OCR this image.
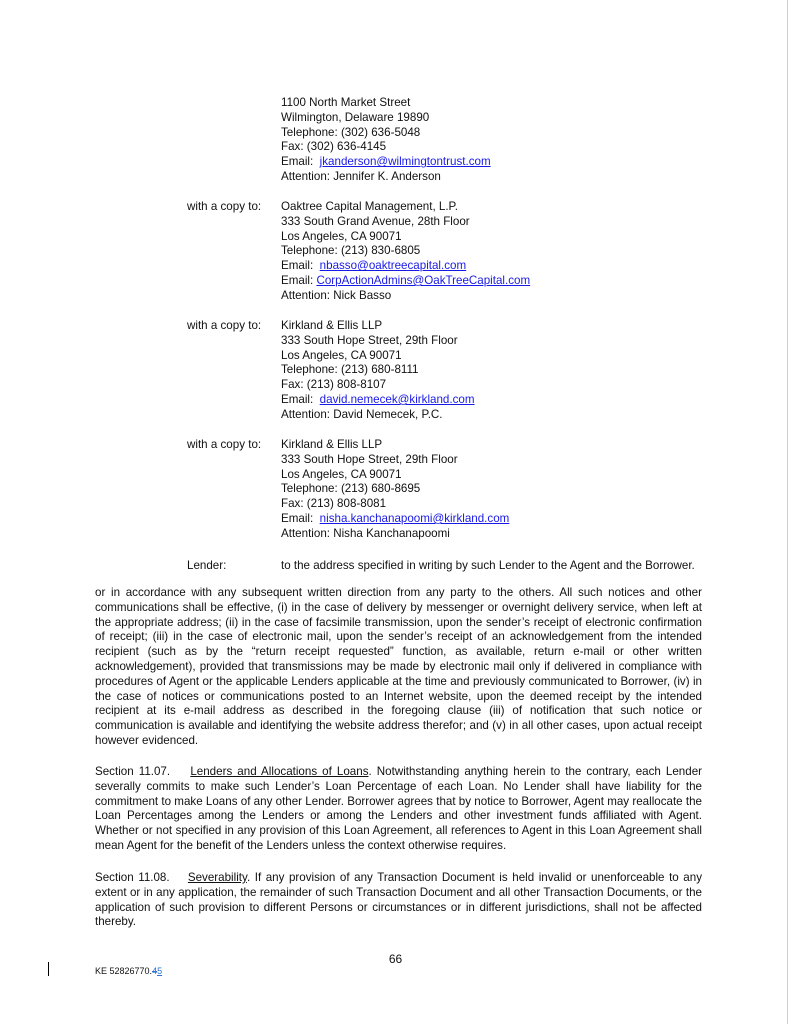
1100 North Market Street
Wilmington, Delaware 19890
Telephone: (302) 636-5048
Fax: (302) 636-4145
Email: jkanderson@wilmingtontrust.com
Attention: Jennifer K. Anderson
with a copy to: Oaktree Capital Management, L.P.
333 South Grand Avenue, 28th Floor
Los Angeles, CA 90071
Telephone: (213) 830-6805
Email: nbasso@oaktreecapital.com
Email: CorpActionAdmins@OakTreeCapital.com
Attention: Nick Basso
with a copy to: Kirkland & Ellis LLP
333 South Hope Street, 29th Floor
Los Angeles, CA 90071
Telephone: (213) 680-8111
Fax: (213) 808-8107
Email: david.nemecek@kirkland.com
Attention: David Nemecek, P.C.
with a copy to: Kirkland & Ellis LLP
333 South Hope Street, 29th Floor
Los Angeles, CA 90071
Telephone: (213) 680-8695
Fax: (213) 808-8081
Email: nisha.kanchanapoomi@kirkland.com
Attention: Nisha Kanchanapoomi
Lender:	to the address specified in writing by such Lender to the Agent and the Borrower.

or in accordance with any subsequent written direction from any party to the others. All such notices and other communications shall be effective, (i) in the case of delivery by messenger or overnight delivery service, when left at the appropriate address; (ii) in the case of facsimile transmission, upon the sender’s receipt of electronic confirmation of receipt; (iii) in the case of electronic mail, upon the sender’s receipt of an acknowledgement from the intended recipient (such as by the “return receipt requested” function, as available, return e-mail or other written acknowledgement), provided that transmissions may be made by electronic mail only if delivered in compliance with procedures of Agent or the applicable Lenders applicable at the time and previously communicated to Borrower, (iv) in the case of notices or communications posted to an Internet website, upon the deemed receipt by the intended recipient at its e-mail address as described in the foregoing clause (iii) of notification that such notice or communication is available and identifying the website address therefor; and (v) in all other cases, upon actual receipt however evidenced.

Section 11.07. Lenders and Allocations of Loans. Notwithstanding anything herein to the contrary, each Lender severally commits to make such Lender’s Loan Percentage of each Loan. No Lender shall have liability for the commitment to make Loans of any other Lender. Borrower agrees that by notice to Borrower, Agent may reallocate the Loan Percentages among the Lenders or among the Lenders and other investment funds affiliated with Agent. Whether or not specified in any provision of this Loan Agreement, all references to Agent in this Loan Agreement shall mean Agent for the benefit of the Lenders unless the context otherwise requires.

Section 11.08. Severability. If any provision of any Transaction Document is held invalid or unenforceable to any extent or in any application, the remainder of such Transaction Document and all other Transaction Documents, or the application of such provision to different Persons or circumstances or in different jurisdictions, shall not be affected thereby.

66
KE 52826770.45
